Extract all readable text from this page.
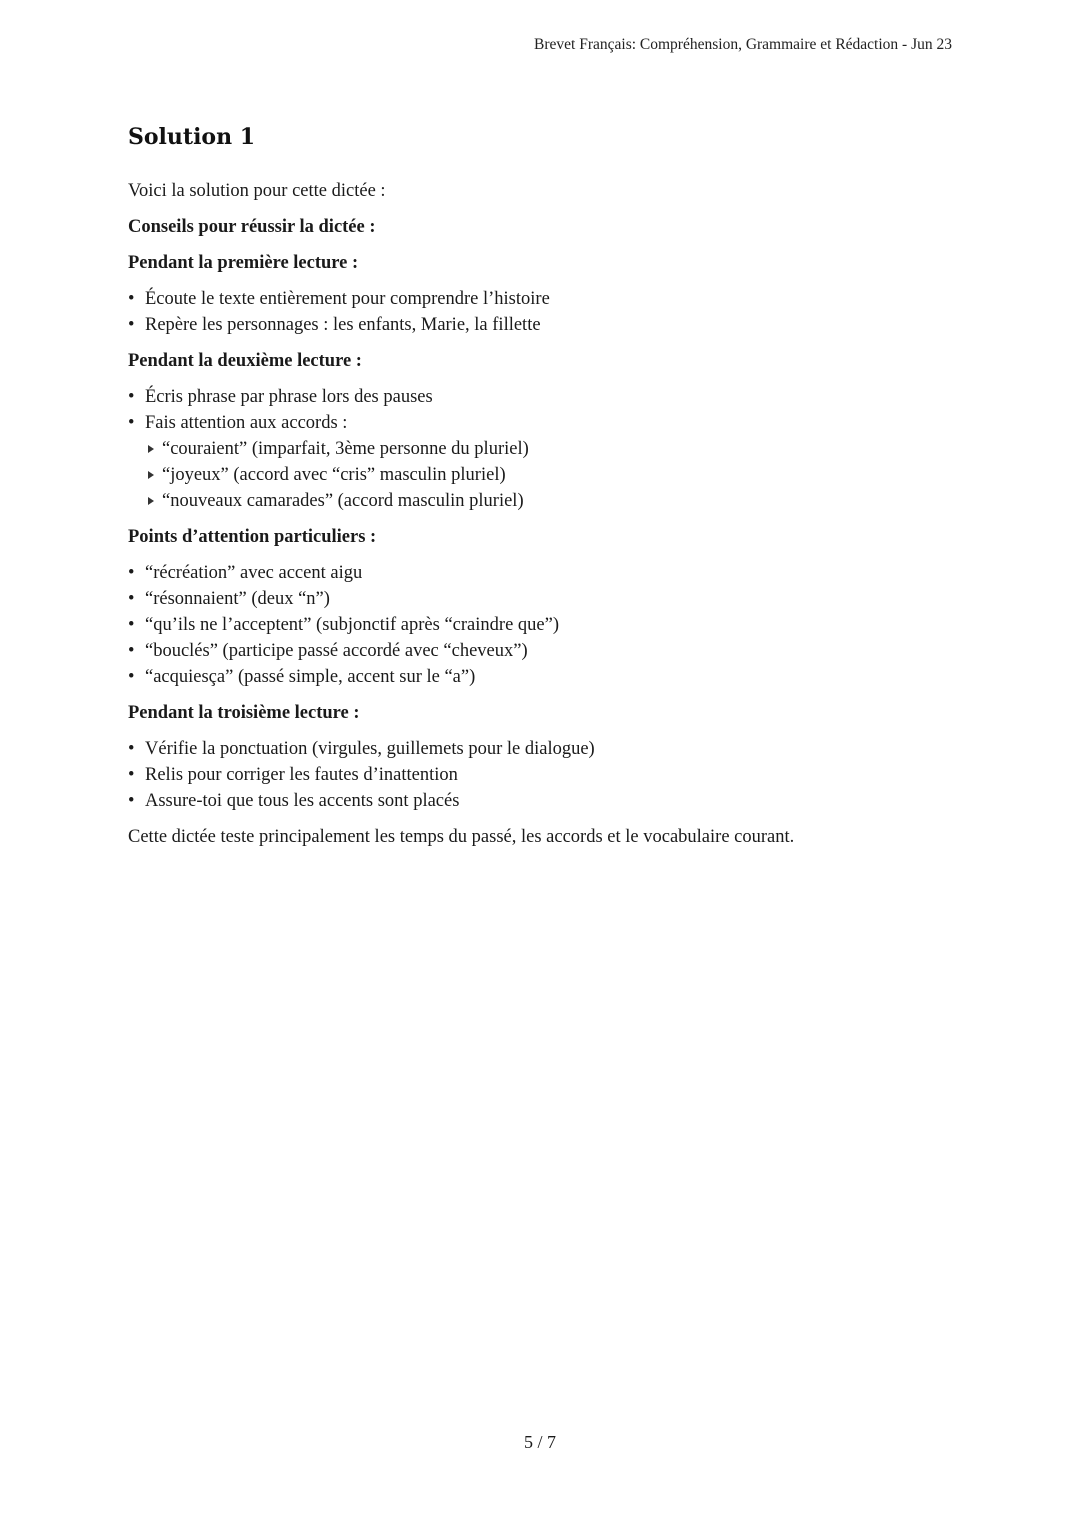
Brevet Français: Compréhension, Grammaire et Rédaction - Jun 23
Solution 1

Voici la solution pour cette dictée :

Conseils pour réussir la dictée :

Pendant la première lecture :

• Écoute le texte entièrement pour comprendre l’histoire
• Repère les personnages : les enfants, Marie, la fillette

Pendant la deuxième lecture :

• Écris phrase par phrase lors des pauses
• Fais attention aux accords :
“couraient” (imparfait, 3ème personne du pluriel)
“joyeux” (accord avec “cris” masculin pluriel)
“nouveaux camarades” (accord masculin pluriel)

Points d’attention particuliers :

• “récréation” avec accent aigu
• “résonnaient” (deux “n”)
• “qu’ils ne l’acceptent” (subjonctif après “craindre que”)
• “bouclés” (participe passé accordé avec “cheveux”)
• “acquiesça” (passé simple, accent sur le “a”)

Pendant la troisième lecture :

• Vérifie la ponctuation (virgules, guillemets pour le dialogue)
• Relis pour corriger les fautes d’inattention
• Assure-toi que tous les accents sont placés

Cette dictée teste principalement les temps du passé, les accords et le vocabulaire courant.

5 / 7
